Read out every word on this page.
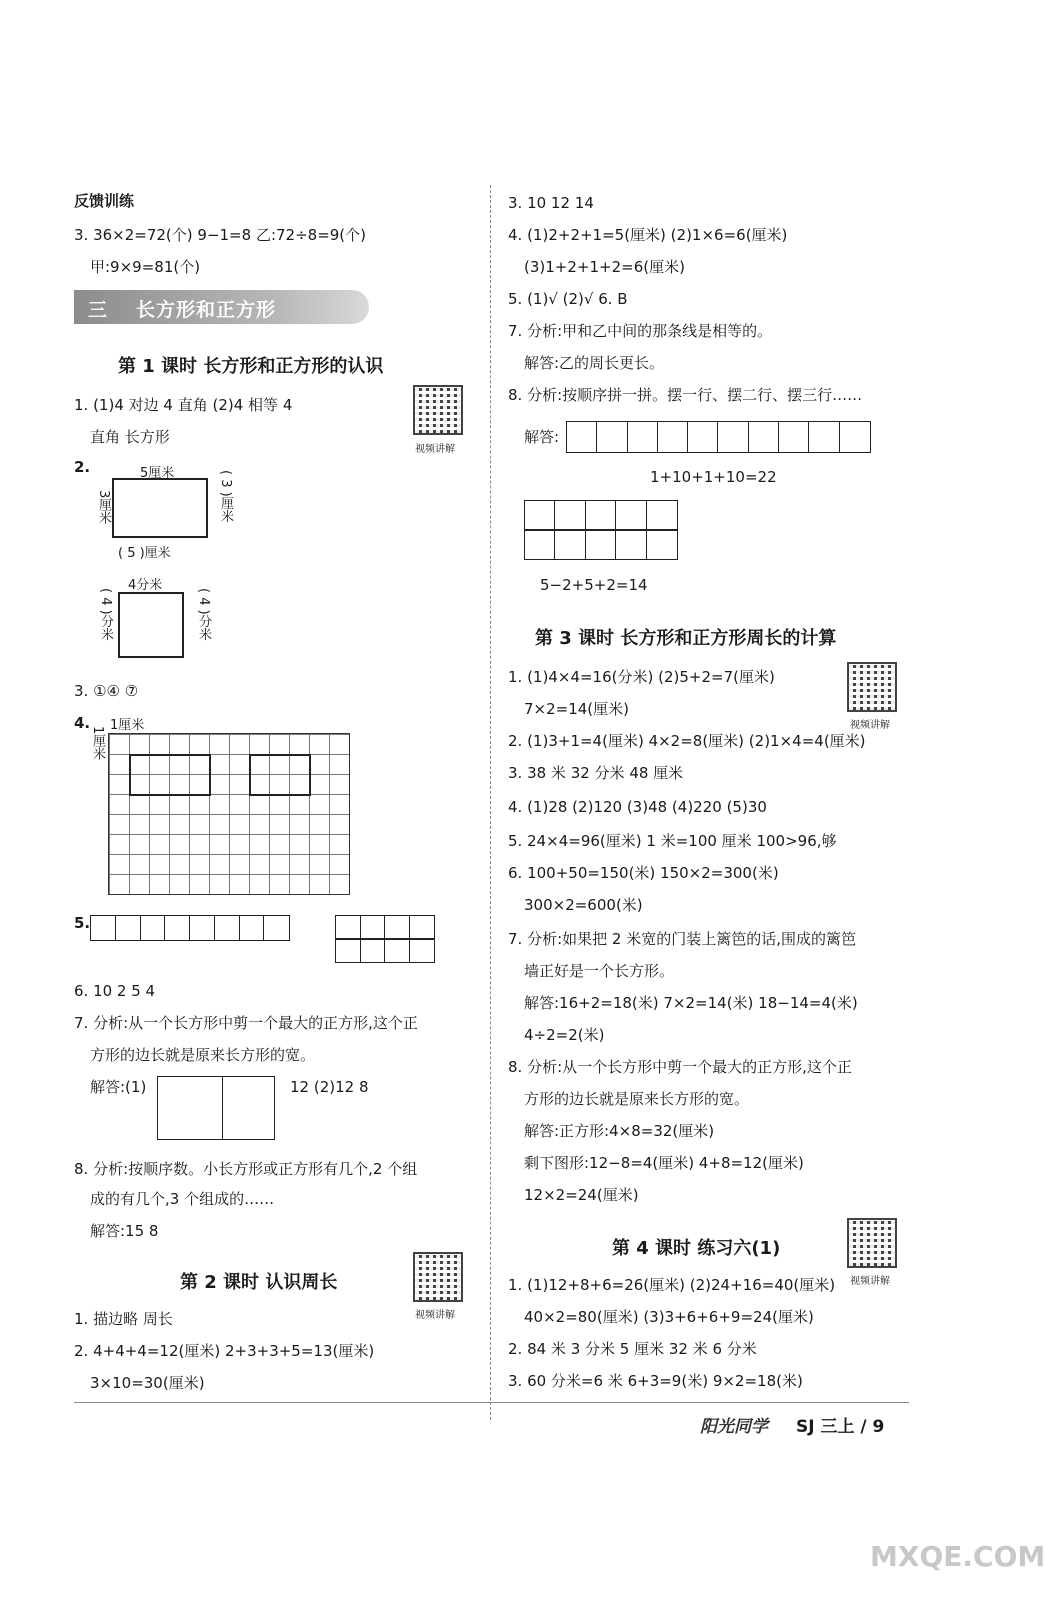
反馈训练
3. 36×2=72(个) 9−1=8 乙:72÷8=9(个)
甲:9×9=81(个)
三 长方形和正方形
第 1 课时 长方形和正方形的认识
视频讲解
1. (1)4 对边 4 直角 (2)4 相等 4
直角 长方形
2.	5厘米
3厘米	( 3 )厘米
( 5 )厘米
4分米
( 4 )分米	( 4 )分米
3. ①④ ⑦
4. 1厘米
1厘米
5.
6. 10 2 5 4
7. 分析:从一个长方形中剪一个最大的正方形,这个正
方形的边长就是原来长方形的宽。
解答:(1)	12 (2)12 8
8. 分析:按顺序数。小长方形或正方形有几个,2 个组
成的有几个,3 个组成的……
解答:15 8
第 2 课时 认识周长
视频讲解
1. 描边略 周长
2. 4+4+4=12(厘米) 2+3+3+5=13(厘米)
3×10=30(厘米)
3. 10 12 14
4. (1)2+2+1=5(厘米) (2)1×6=6(厘米)
(3)1+2+1+2=6(厘米)
5. (1)√ (2)√ 6. B
7. 分析:甲和乙中间的那条线是相等的。
解答:乙的周长更长。
8. 分析:按顺序拼一拼。摆一行、摆二行、摆三行……
解答:
1+10+1+10=22
5−2+5+2=14
第 3 课时 长方形和正方形周长的计算
视频讲解
1. (1)4×4=16(分米) (2)5+2=7(厘米)
7×2=14(厘米)
2. (1)3+1=4(厘米) 4×2=8(厘米) (2)1×4=4(厘米)
3. 38 米 32 分米 48 厘米
4. (1)28 (2)120 (3)48 (4)220 (5)30
5. 24×4=96(厘米) 1 米=100 厘米 100>96,够
6. 100+50=150(米) 150×2=300(米)
300×2=600(米)
7. 分析:如果把 2 米宽的门装上篱笆的话,围成的篱笆
墙正好是一个长方形。
解答:16+2=18(米) 7×2=14(米) 18−14=4(米)
4÷2=2(米)
8. 分析:从一个长方形中剪一个最大的正方形,这个正
方形的边长就是原来长方形的宽。
解答:正方形:4×8=32(厘米)
剩下图形:12−8=4(厘米) 4+8=12(厘米)
12×2=24(厘米)
第 4 课时 练习六(1)
视频讲解
1. (1)12+8+6=26(厘米) (2)24+16=40(厘米)
40×2=80(厘米) (3)3+6+6+9=24(厘米)
2. 84 米 3 分米 5 厘米 32 米 6 分米
3. 60 分米=6 米 6+3=9(米) 9×2=18(米)
阳光同学 SJ 三上 / 9
MXQE.COM
